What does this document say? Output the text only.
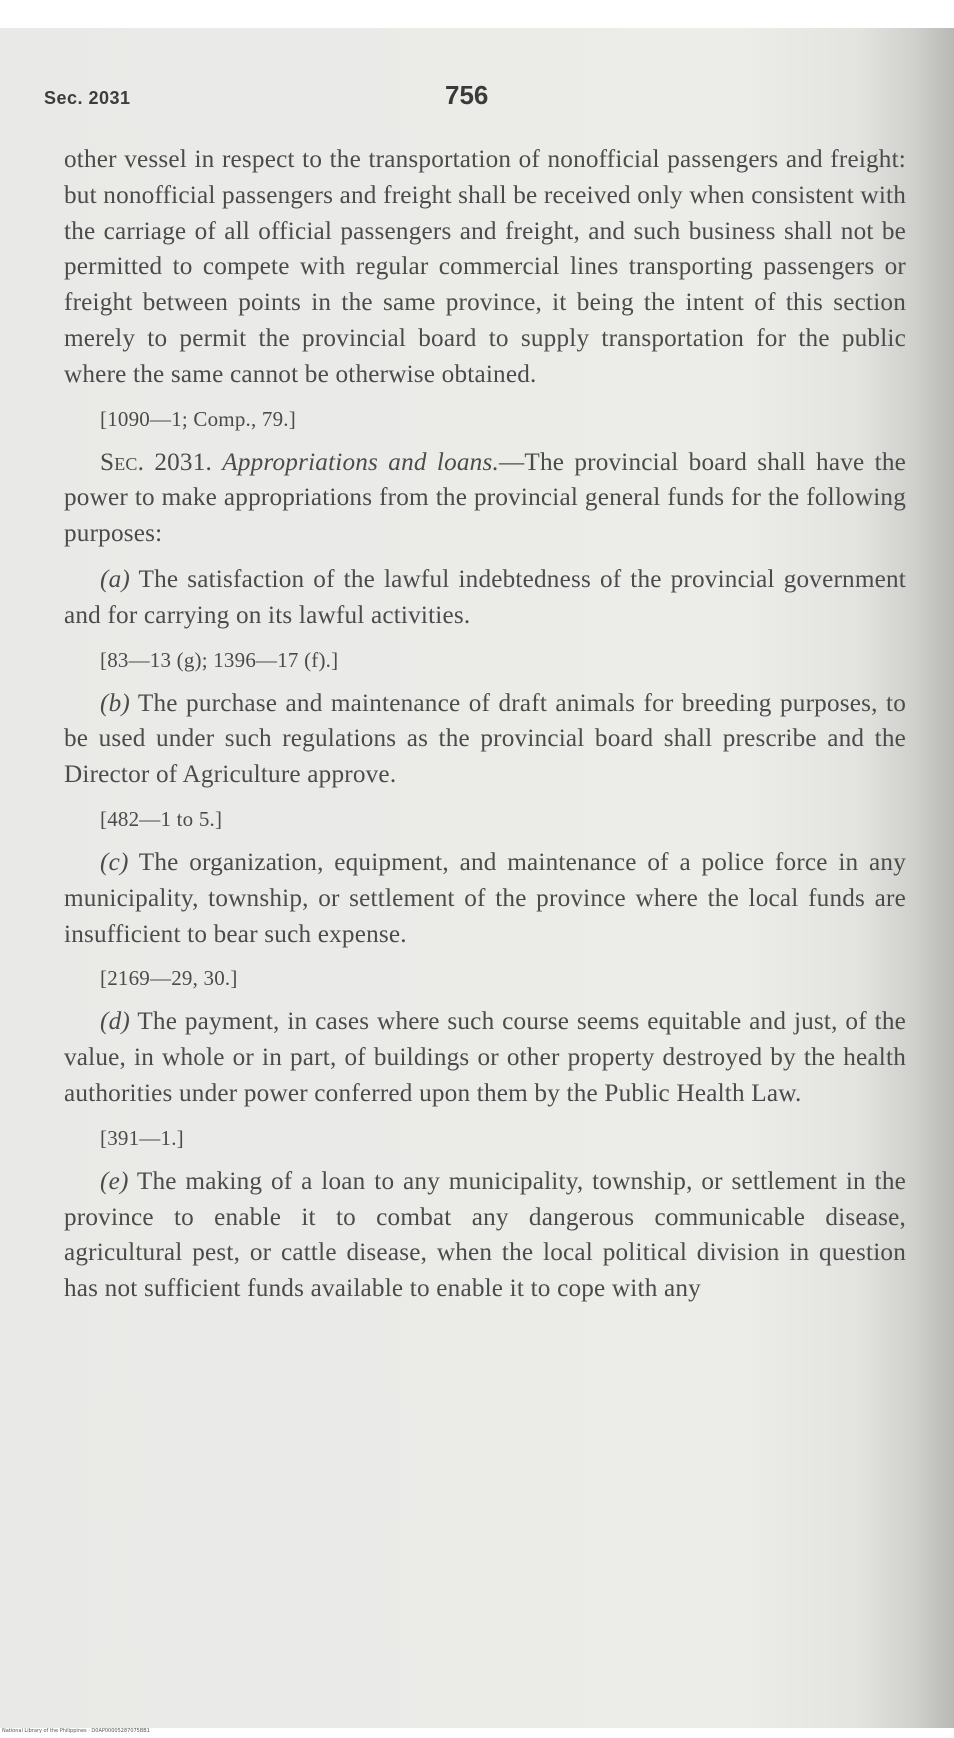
Sec. 2031	756

other vessel in respect to the transportation of nonofficial passengers and freight: but nonofficial passengers and freight shall be received only when consistent with the carriage of all official passengers and freight, and such business shall not be permitted to compete with regular commercial lines transporting passengers or freight between points in the same province, it being the intent of this section merely to permit the provincial board to supply transportation for the public where the same cannot be otherwise obtained.

[1090—1; Comp., 79.]

Sec. 2031. Appropriations and loans.—The provincial board shall have the power to make appropriations from the provincial general funds for the following purposes:

(a) The satisfaction of the lawful indebtedness of the provincial government and for carrying on its lawful activities.

[83—13 (g); 1396—17 (f).]

(b) The purchase and maintenance of draft animals for breeding purposes, to be used under such regulations as the provincial board shall prescribe and the Director of Agriculture approve.

[482—1 to 5.]

(c) The organization, equipment, and maintenance of a police force in any municipality, township, or settlement of the province where the local funds are insufficient to bear such expense.

[2169—29, 30.]

(d) The payment, in cases where such course seems equitable and just, of the value, in whole or in part, of buildings or other property destroyed by the health authorities under power conferred upon them by the Public Health Law.

[391—1.]

(e) The making of a loan to any municipality, township, or settlement in the province to enable it to combat any dangerous communicable disease, agricultural pest, or cattle disease, when the local political division in question has not sufficient funds available to enable it to cope with any

National Library of the Philippines · D0AP00005287075BB1
